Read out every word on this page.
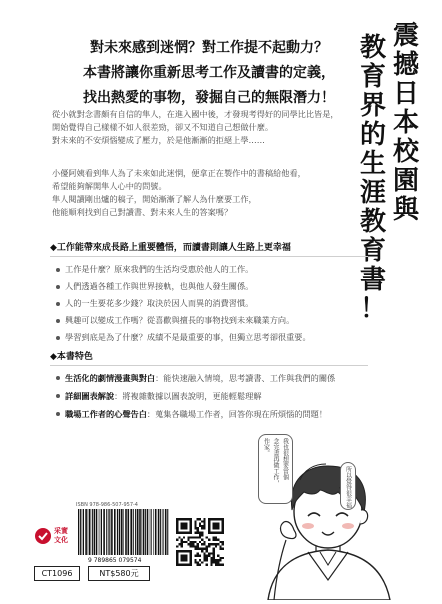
對未來感到迷惘？對工作提不起動力？
本書將讓你重新思考工作及讀書的定義，
找出熱愛的事物，發掘自己的無限潛力！
震
撼
日
本
校
園
與
教
育
界
的
生
涯
教
育
書
！
從小就對念書頗有自信的隼人，在進入國中後，才發現考得好的同學比比皆是，
開始覺得自己樣樣不如人很差勁，卻又不知道自己想做什麼。
對未來的不安煩惱變成了壓力，於是他漸漸的拒絕上學……
小優阿姨看到隼人為了未來如此迷惘，便拿正在製作中的書稿給他看，
希望能夠解開隼人心中的問號。
隼人閱讀剛出爐的稿子，開始漸漸了解人為什麼要工作，
他能順利找到自己對讀書、對未來人生的答案嗎？
◆工作能帶來成長路上重要體悟，而讀書則讓人生路上更幸福
工作是什麼？原來我們的生活均受惠於他人的工作。
人們透過各種工作與世界接軌，也與他人發生關係。
人的一生要花多少錢？取決於因人而異的消費習慣。
興趣可以變成工作嗎？從喜歡與擅長的事物找到未來職業方向。
學習到底是為了什麼？成績不是最重要的事，但獨立思考卻很重要。
◆本書特色
生活化的劇情漫畫與對白 ：能快速融入情境，思考讀書、工作與我們的關係
詳細圖表解說 ：將複雜數據以圖表說明，更能輕鬆理解
職場工作者的心聲告白 ：蒐集各職場工作者，回答你現在所煩惱的問題！
我也很想要當個
念完書再做工作，
作家。
所以覺得很幸福
采實文化
ISBN 978-986-507-957-4
9 789865 079574
CT1096	NT$580元
